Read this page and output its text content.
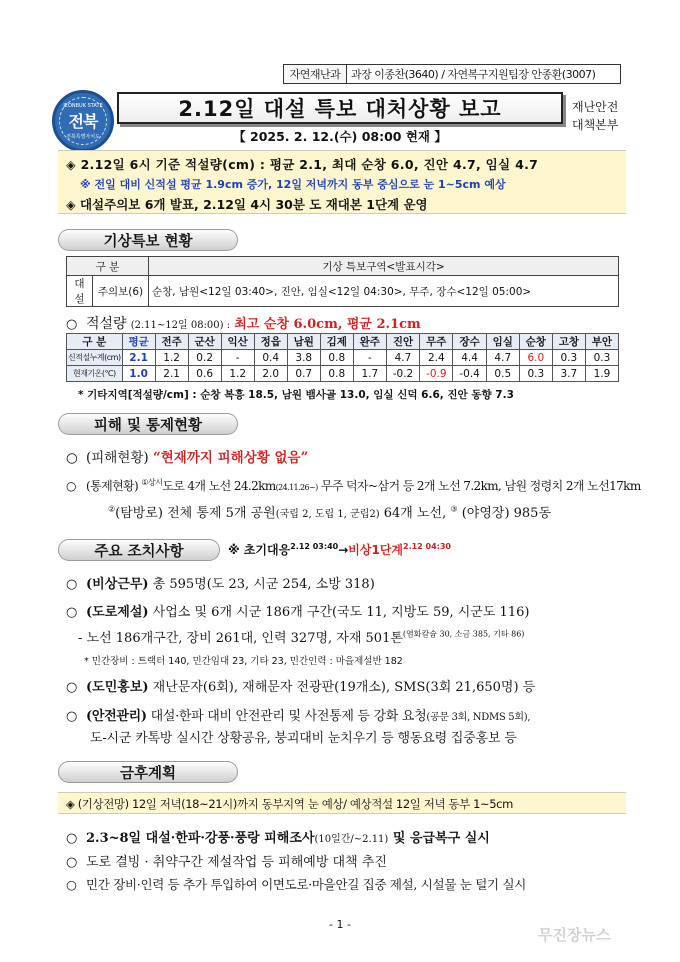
자연재난과 과장 이종찬(3640) / 자연복구지원팀장 안종환(3007)
JEONBUK STATE
전북
전북특별자치도
2.12일 대설 특보 대처상황 보고
【 2025. 2. 12.(수) 08:00 현재 】
재난안전
대책본부
◈ 2.12일 6시 기준 적설량(cm) : 평균 2.1, 최대 순창 6.0, 진안 4.7, 임실 4.7
※ 전일 대비 신적설 평균 1.9cm 증가, 12일 저녁까지 동부 중심으로 눈 1~5cm 예상
◈ 대설주의보 6개 발표, 2.12일 4시 30분 도 재대본 1단계 운영
기상특보 현황
구 분		기상 특보구역<발표시각>
대설	주의보(6)	순창, 남원<12일 03:40>, 진안, 임실<12일 04:30>, 무주, 장수<12일 05:00>
○ 적설량 (2.11~12일 08:00) : 최고 순창 6.0cm, 평균 2.1cm
구 분	평균	전주	군산	익산	정읍	남원	김제	완주	진안	무주	장수	임실	순창	고창	부안
신적설누계(cm)	2.1	1.2	0.2	-	0.4	3.8	0.8	-	4.7	2.4	4.4	4.7	6.0	0.3	0.3
현재기온(℃)	1.0	2.1	0.6	1.2	2.0	0.7	0.8	1.7	-0.2	-0.9	-0.4	0.5	0.3	3.7	1.9
* 기타지역[적설량/cm] : 순창 복흥 18.5, 남원 뱀사골 13.0, 임실 신덕 6.6, 진안 동향 7.3
피해 및 통제현황
○ (피해현황) “현재까지 피해상황 없음”
○ (통제현황) $^{①상시}$도로 4개 노선 24.2km(24.11.26~) 무주 덕자~삼거 등 2개 노선 7.2km, 남원 정령치 2개 노선17km
②(탐방로) 전체 통제 5개 공원(국립 2, 도립 1, 군립2) 64개 노선, ③ (야영장) 985동
주요 조치사항	※ 초기대응$^{2.12 03:40}$→비상1단계$^{2.12 04:30}$
○ (비상근무) 총 595명(도 23, 시군 254, 소방 318)
○ (도로제설) 사업소 및 6개 시군 186개 구간(국도 11, 지방도 59, 시군도 116)
- 노선 186개구간, 장비 261대, 인력 327명, 자재 501톤$^{(염화칼슘 30, 소금 385, 기타 86)}$
* 민간장비 : 트랙터 140, 민간임대 23, 기타 23, 민간인력 : 마을제설반 182
○ (도민홍보) 재난문자(6회), 재해문자 전광판(19개소), SMS(3회 21,650명) 등
○ (안전관리) 대설·한파 대비 안전관리 및 사전통제 등 강화 요청(공문 3회, NDMS 5회),
도-시군 카톡방 실시간 상황공유, 붕괴대비 눈치우기 등 행동요령 집중홍보 등
금후계획
◈ (기상전망) 12일 저녁(18~21시)까지 동부지역 눈 예상/ 예상적설 12일 저녁 동부 1~5cm
○ 2.3~8일 대설·한파·강풍·풍랑 피해조사(10일간/~2.11) 및 응급복구 실시
○ 도로 결빙 · 취약구간 제설작업 등 피해예방 대책 추진
○ 민간 장비·인력 등 추가 투입하여 이면도로·마을안길 집중 제설, 시설물 눈 털기 실시
- 1 -
무진장뉴스
